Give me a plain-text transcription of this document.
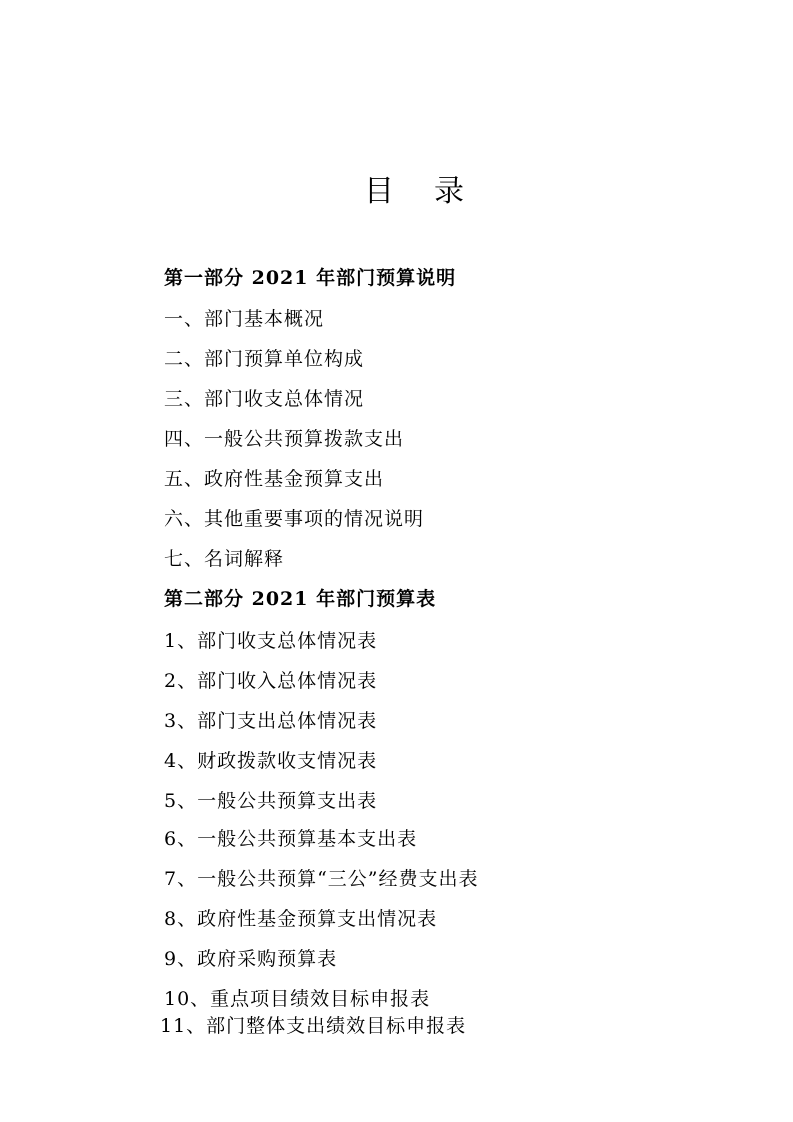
目 录
第一部分 2021 年部门预算说明
一、部门基本概况
二、部门预算单位构成
三、部门收支总体情况
四、一般公共预算拨款支出
五、政府性基金预算支出
六、其他重要事项的情况说明
七、名词解释
第二部分 2021 年部门预算表
1、部门收支总体情况表
2、部门收入总体情况表
3、部门支出总体情况表
4、财政拨款收支情况表
5、一般公共预算支出表
6、一般公共预算基本支出表
7、一般公共预算“三公”经费支出表
8、政府性基金预算支出情况表
9、政府采购预算表
10、重点项目绩效目标申报表
11、部门整体支出绩效目标申报表
